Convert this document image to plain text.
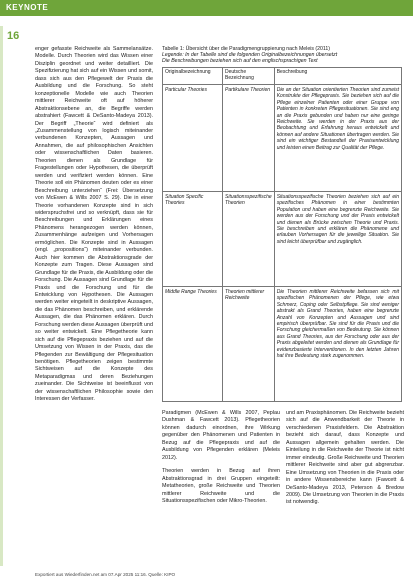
KEYNOTE
16

enger gefasste Reichweite als Sammelansätze. Modelle. Durch Theorien wird das Wissen einer Disziplin geordnet und weiter detailliert. Die Spezifizierung hat sich auf ein Wissen und somit, dass sich aus den Pflegewelt der Praxis die Ausbildung und die Forschung. So steht konzeptionelle Modelle wie auch Theorien mittlerer Reichweite oft auf höherer Abstraktionsebene an, die Begriffe werden abstrahiert (Fawcett & DeSanto-Madeya 2013). Der Begriff „Theorie“ wird definiert als „Zusammenstellung von logisch miteinander verbundenen Konzepten, Aussagen und Annahmen, die auf philosophischen Ansichten oder wissenschaftlichen Daten basieren. Theorien dienen als Grundlage für Fragestellungen oder Hypothesen, die überprüft werden und verifiziert werden können. Eine Theorie soll ein Phänomen deuten oder es einer Beschreibung unterziehen“ (Frei: Übersetzung von McEwen & Wills 2007 S. 29). Die in einer Theorie vorhandenen Konzepte sind in sich widerspruchsfrei und so verknüpft, dass sie für Beschreibungen und Erklärungen eines Phänomens herangezogen werden können, Zusammenhänge aufzeigen und Vorhersagen ermöglichen. Die Konzepte sind in Aussagen (engl. „propositions“) miteinander verbunden. Auch hier kommen die Abstraktionsgrade der Konzepte zum Tragen. Diese Aussagen sind Grundlage für die Praxis, die Ausbildung oder die Forschung. Die Aussagen sind Grundlage für die Praxis und die Forschung und für die Entwicklung von Hypothesen. Die Aussagen werden weiter eingeteilt in deskriptive Aussagen, die das Phänomen beschreiben, und erklärende Aussagen, die das Phänomen erklären. Durch Forschung werden diese Aussagen überprüft und so weiter entwickelt. Eine Pflegetheorie kann sich auf die Pflegepraxis beziehen und auf die Umsetzung von Wissen in der Praxis, das die Pflegenden zur Bewältigung der Pflegesituation benötigen. Pflegetheorien zeigen bestimmte Sichtweisen auf die Konzepte des Metaparadigmas und deren Beziehungen zueinander. Die Sichtweise ist beeinflusst von der wissenschaftlichen Philosophie sowie den Interessen der Verfasser.

Tabelle 1: Übersicht über die Paradigmengruppierung nach Meleis (2011)
Legende: In der Tabelle sind die folgenden Originalbezeichnungen übersetzt
Die Beschreibungen beziehen sich auf den englischsprachigen Text
Originalbezeichnung	Deutsche Bezeichnung	Beschreibung
Particular Theories	Partikulare Theorien	Die an der Situation orientierten Theorien sind zumeist Konstrukte der Pflegepraxis. Sie beziehen sich auf die Pflege einzelner Patienten oder einer Gruppe von Patienten in konkreten Pflegesituationen. Sie sind eng an die Praxis gebunden und haben nur eine geringe Reichweite. Sie werden in der Praxis aus der Beobachtung und Erfahrung heraus entwickelt und können auf andere Situationen übertragen werden. Sie sind ein wichtiger Bestandteil der Praxisentwicklung und leisten einen Beitrag zur Qualität der Pflege.
Situation Specific Theories	Situationsspezifische Theorien	Situationsspezifische Theorien beziehen sich auf ein spezifisches Phänomen in einer bestimmten Population und haben eine begrenzte Reichweite. Sie werden aus der Forschung und der Praxis entwickelt und dienen als Brücke zwischen Theorie und Praxis. Sie beschreiben und erklären die Phänomene und erlauben Vorhersagen für die jeweilige Situation. Sie sind leicht überprüfbar und zugänglich.
Middle Range Theories	Theorien mittlerer Reichweite	Die Theorien mittlerer Reichweite befassen sich mit spezifischen Phänomenen der Pflege, wie etwa Schmerz, Coping oder Selbstpflege. Sie sind weniger abstrakt als Grand Theories, haben eine begrenzte Anzahl von Konzepten und Aussagen und sind empirisch überprüfbar. Sie sind für die Praxis und die Forschung gleichermaßen von Bedeutung. Sie können aus Grand Theories, aus der Forschung oder aus der Praxis abgeleitet werden und dienen als Grundlage für evidenzbasierte Interventionen. In den letzten Jahren hat ihre Bedeutung stark zugenommen.

Paradigmen (McEwen & Wills 2007, Peplau Dushman & Fawcett 2013). Pflegetheorien können dadurch einordnen, ihre Wirkung gegenüber den Phänomenen und Patienten in Bezug auf die Pflegepraxis und auf die Ausbildung von Pflegenden erklären (Meleis 2012).

Theorien werden in Bezug auf ihren Abstraktionsgrad in drei Gruppen eingeteilt: Metatheorien, große Reichweite und Theorien mittlerer Reichweite und die Situationsspezifischen oder Mikro-Theorien.

und am Praxisphänomen. Die Reichweite bezieht sich auf die Anwendbarkeit der Theorie in verschiedenen Praxisfeldern. Die Abstraktion bezieht sich darauf, dass Konzepte und Aussagen allgemein gehalten werden. Die Einteilung in die Reichweite der Theorie ist nicht immer eindeutig. Große Reichweite und Theorien mittlerer Reichweite sind aber gut abgrenzbar. Eine Umsetzung von Theorien in die Praxis oder in andere Wissensbereiche kann (Fawcett & DeSanto-Madeya 2013, Peterson & Bredow 2009). Die Umsetzung von Theorien in die Praxis ist notwendig.

Exportiert aus Wiederfinden.net am 07.Apr 2025 11:16. Quelle: KIPO
